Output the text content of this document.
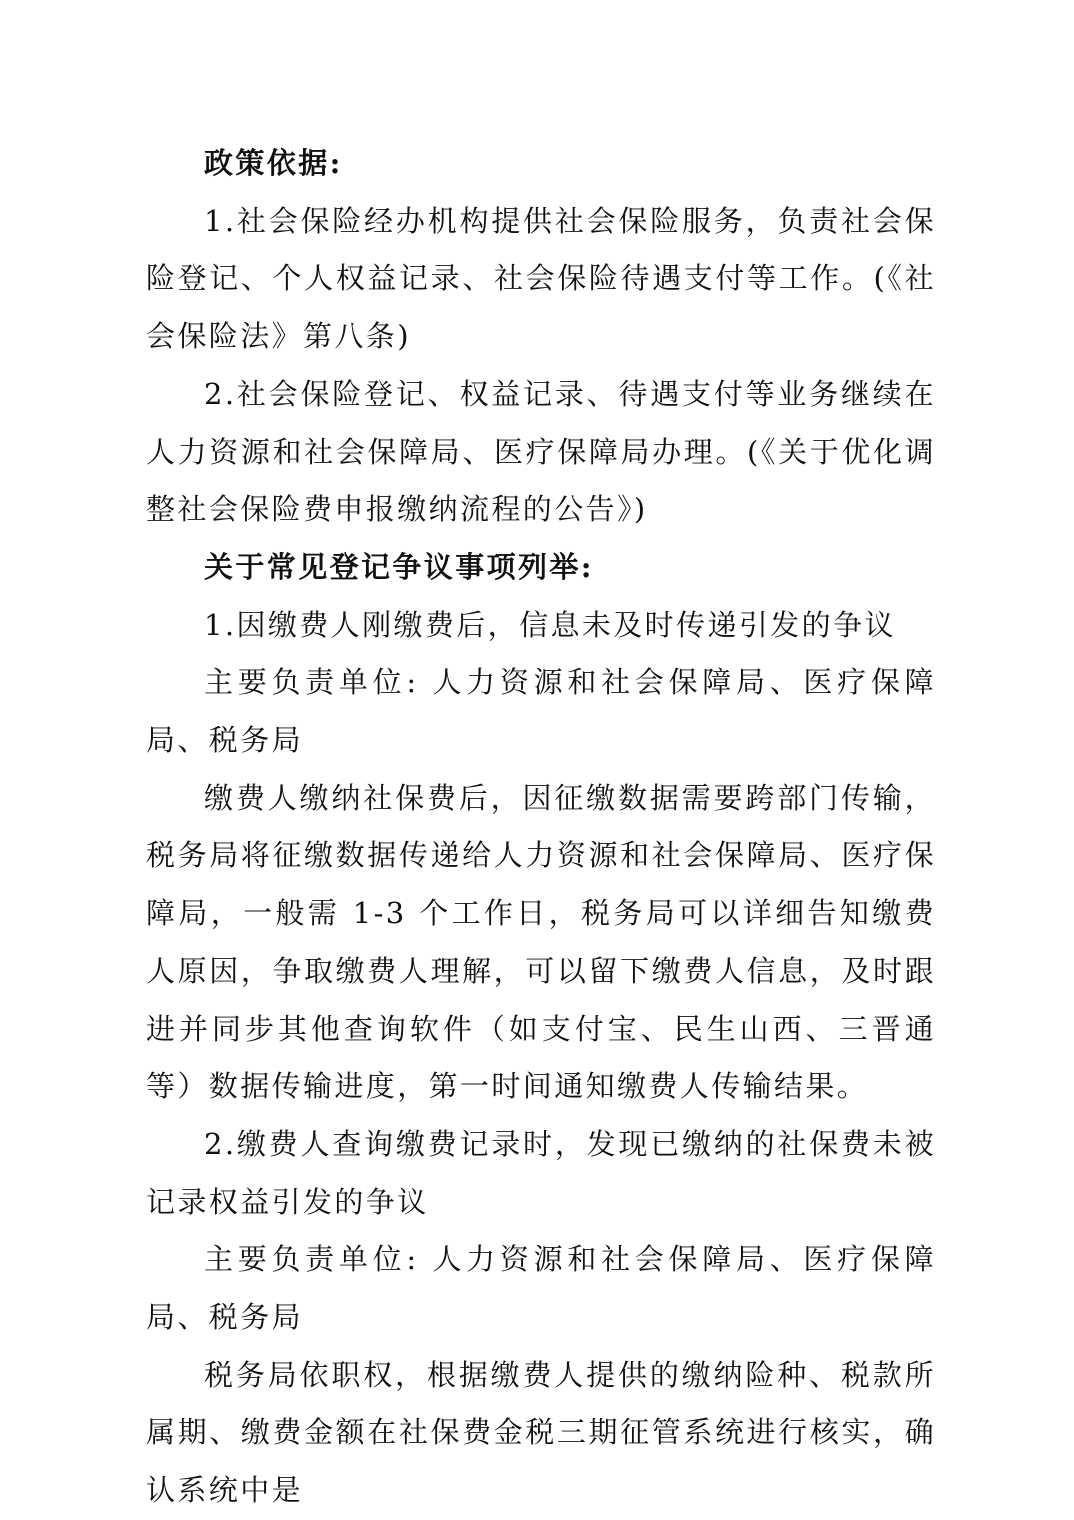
政策依据:

1.社会保险经办机构提供社会保险服务，负责社会保险登记、个人权益记录、社会保险待遇支付等工作。(《社会保险法》第八条)

2.社会保险登记、权益记录、待遇支付等业务继续在人力资源和社会保障局、医疗保障局办理。(《关于优化调整社会保险费申报缴纳流程的公告》)

关于常见登记争议事项列举:

1.因缴费人刚缴费后，信息未及时传递引发的争议

主要负责单位: 人力资源和社会保障局、医疗保障局、税务局

缴费人缴纳社保费后，因征缴数据需要跨部门传输，税务局将征缴数据传递给人力资源和社会保障局、医疗保障局，一般需 1-3 个工作日，税务局可以详细告知缴费人原因，争取缴费人理解，可以留下缴费人信息，及时跟进并同步其他查询软件（如支付宝、民生山西、三晋通等）数据传输进度，第一时间通知缴费人传输结果。

2.缴费人查询缴费记录时，发现已缴纳的社保费未被记录权益引发的争议

主要负责单位: 人力资源和社会保障局、医疗保障局、税务局

税务局依职权，根据缴费人提供的缴纳险种、税款所属期、缴费金额在社保费金税三期征管系统进行核实，确认系统中是
